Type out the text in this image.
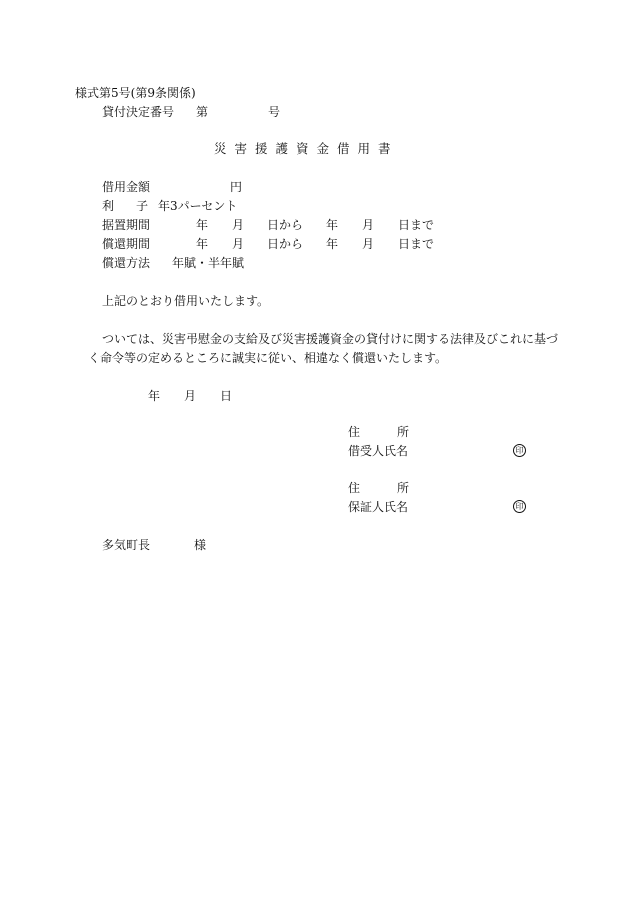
様式第5号(第9条関係)
貸付決定番号 第	号
災害援護資金借用書
借用金額	円
利 子 年3パーセント
据置期間	年 月 日から 年 月 日まで
償還期間	年 月 日から 年 月 日まで
償還方法 年賦・半年賦
上記のとおり借用いたします。
ついては、災害弔慰金の支給及び災害援護資金の貸付けに関する法律及びこれに基づ
く命令等の定めるところに誠実に従い、相違なく償還いたします。
年 月 日
住	所
借受人氏名	印
住	所
保証人氏名	印
多気町長	様
